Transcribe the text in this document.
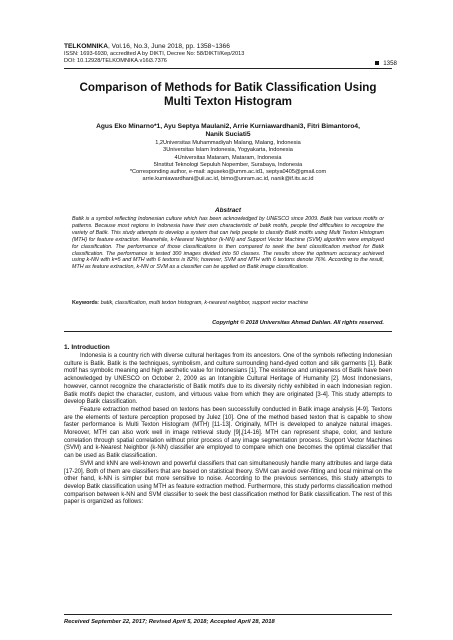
TELKOMNIKA, Vol.16, No.3, June 2018, pp. 1358~1366
ISSN: 1693-6930, accredited A by DIKTI, Decree No: 58/DIKTI/Kep/2013
DOI: 10.12928/TELKOMNIKA.v16i3.7376	1358
Comparison of Methods for Batik Classification Using
Multi Texton Histogram
Agus Eko Minarno*1, Ayu Septya Maulani2, Arrie Kurniawardhani3, Fitri Bimantoro4,
Nanik Suciati5
1,2Universitas Muhammadiyah Malang, Malang, Indonesia
3Universitas Islam Indonesia, Yogyakarta, Indonesia
4Universitas Mataram, Mataram, Indonesia
5Institut Teknologi Sepuluh Nopember, Surabaya, Indonesia
*Corresponding author, e-mail: aguseko@umm.ac.id1, septya0405@gmail.com
arrie.kurniawardhani@uii.ac.id, bimo@unram.ac.id, nanik@if.its.ac.id
Abstract
Batik is a symbol reflecting Indonesian culture which has been acknowledged by UNESCO since 2009. Batik has various motifs or patterns. Because most regions in Indonesia have their own characteristic of batik motifs, people find difficulties to recognize the variety of Batik. This study attempts to develop a system that can help people to classify Batik motifs using Multi Texton Histogram (MTH) for feature extraction. Meanwhile, k-Nearest Neighbor (k-NN) and Support Vector Machine (SVM) algorithm were employed for classification. The performance of those classifications is then compared to seek the best classification method for Batik classification. The performance is tested 300 images divided into 50 classes. The results show the optimum accuracy achieved using k-NN with k=5 and MTH with 6 textons is 82%; however, SVM and MTH with 6 textons denote 76%. According to the result, MTH as feature extraction, k-NN or SVM as a classifier can be applied on Batik image classification.
Keywords: batik, classification, multi texton histogram, k-nearest neighbor, support vector machine
Copyright © 2018 Universitas Ahmad Dahlan. All rights reserved.
1. Introduction

Indonesia is a country rich with diverse cultural heritages from its ancestors. One of the symbols reflecting Indonesian culture is Batik. Batik is the techniques, symbolism, and culture surrounding hand-dyed cotton and silk garments [1]. Batik motif has symbolic meaning and high aesthetic value for Indonesians [1]. The existence and uniqueness of Batik have been acknowledged by UNESCO on October 2, 2009 as an Intangible Cultural Heritage of Humanity [2]. Most Indonesians, however, cannot recognize the characteristic of Batik motifs due to its diversity richly exhibited in each Indonesian region. Batik motifs depict the character, custom, and virtuous value from which they are originated [3-4]. This study attempts to develop Batik classification.

Feature extraction method based on textons has been successfully conducted in Batik image analysis [4-9]. Textons are the elements of texture perception proposed by Julez [10]. One of the method based texton that is capable to show faster performance is Multi Texton Histogram (MTH) [11-13]. Originally, MTH is developed to analyze natural images. Moreover, MTH can also work well in image retrieval study [9],[14-16]. MTH can represent shape, color, and texture correlation through spatial correlation without prior process of any image segmentation process. Support Vector Machines (SVM) and k-Nearest Neighbor (k-NN) classifier are employed to compare which one becomes the optimal classifier that can be used as Batik classification.

SVM and kNN are well-known and powerful classifiers that can simultaneously handle many attributes and large data [17-20]. Both of them are classifiers that are based on statistical theory. SVM can avoid over-fitting and local minimal on the other hand, k-NN is simpler but more sensitive to noise. According to the previous sentences, this study attempts to develop Batik classification using MTH as feature extraction method. Furthermore, this study performs classification method comparison between k-NN and SVM classifier to seek the best classification method for Batik classification. The rest of this paper is organized as follows:

Received September 22, 2017; Revised April 5, 2018; Accepted April 28, 2018
